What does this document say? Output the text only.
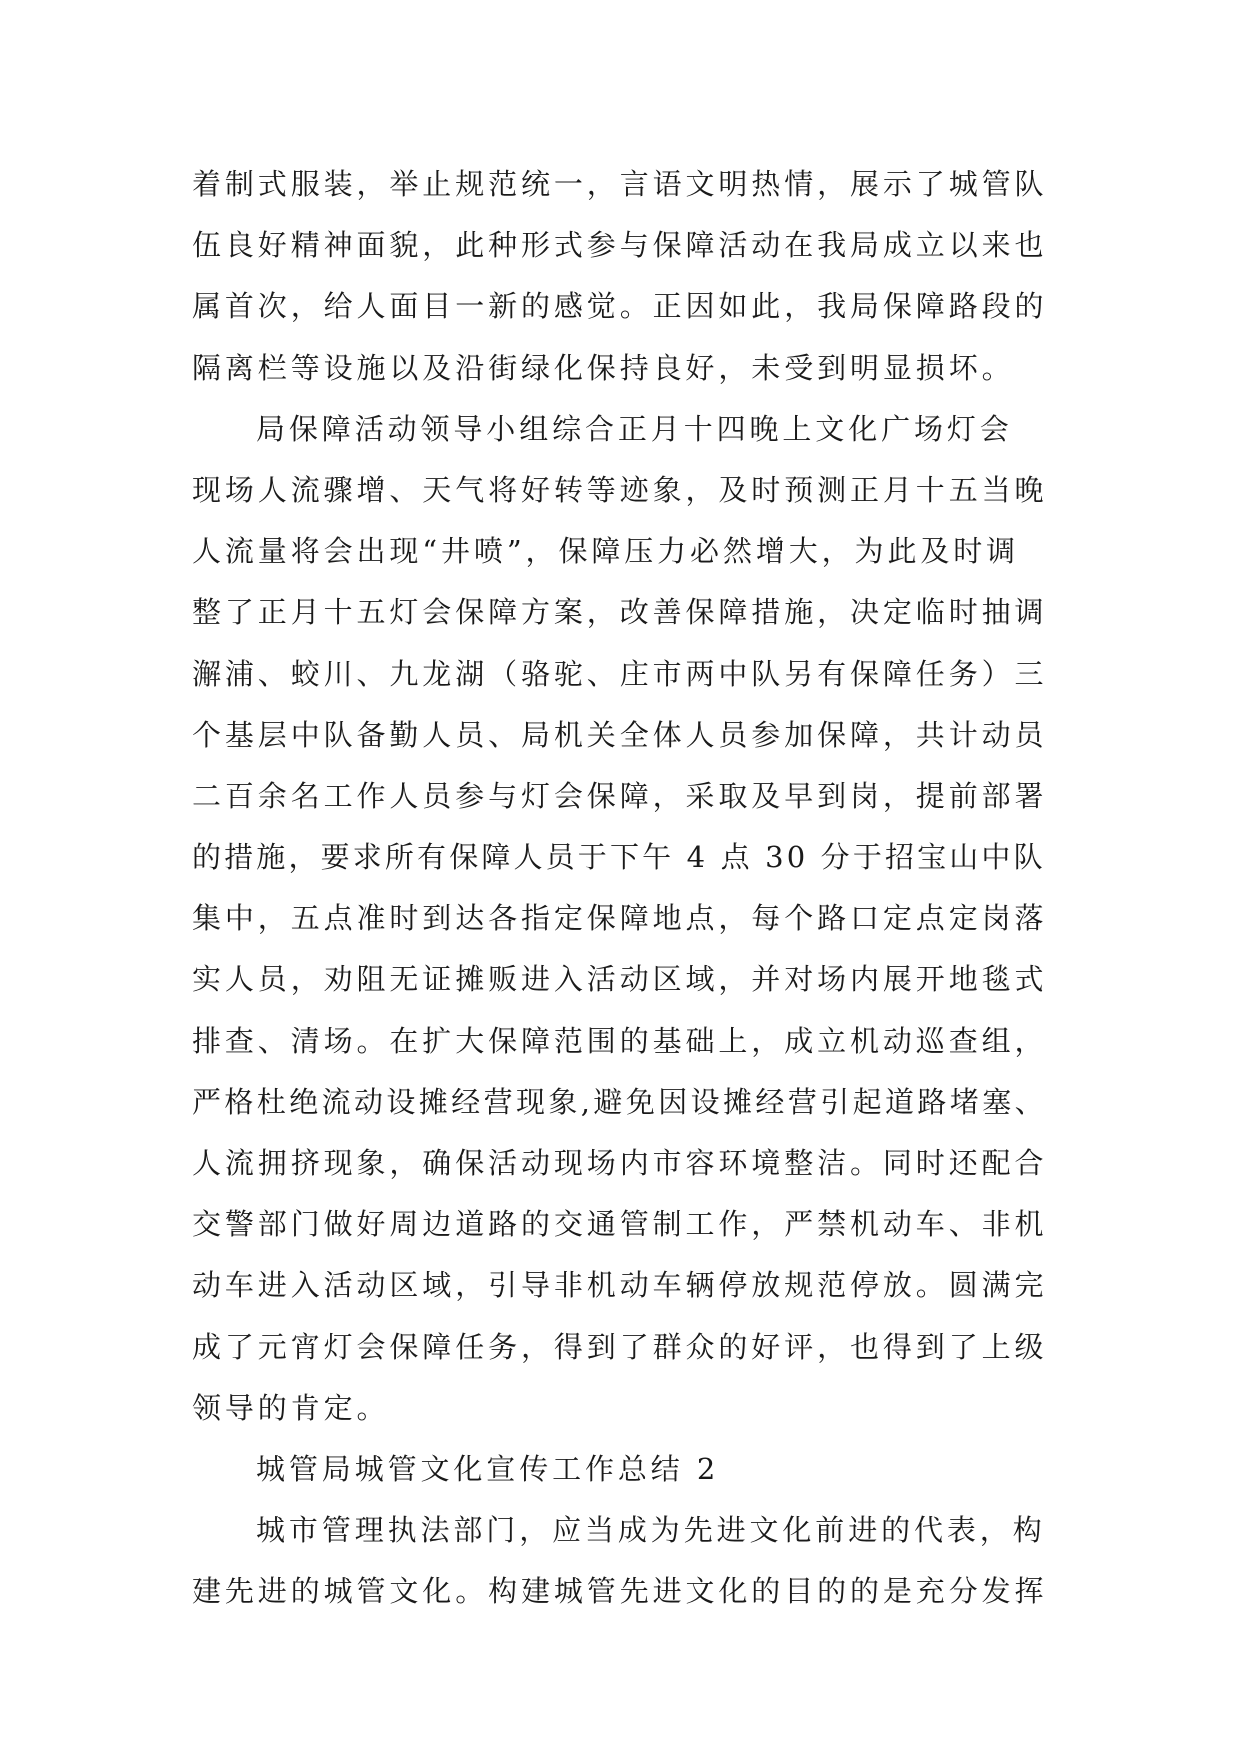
着制式服装，举止规范统一，言语文明热情，展示了城管队
伍良好精神面貌，此种形式参与保障活动在我局成立以来也
属首次，给人面目一新的感觉。正因如此，我局保障路段的
隔离栏等设施以及沿街绿化保持良好，未受到明显损坏。
局保障活动领导小组综合正月十四晚上文化广场灯会
现场人流骤增、天气将好转等迹象，及时预测正月十五当晚
人流量将会出现“井喷”，保障压力必然增大，为此及时调
整了正月十五灯会保障方案，改善保障措施，决定临时抽调
澥浦、蛟川、九龙湖（骆驼、庄市两中队另有保障任务）三
个基层中队备勤人员、局机关全体人员参加保障，共计动员
二百余名工作人员参与灯会保障，采取及早到岗，提前部署
的措施，要求所有保障人员于下午 4 点 30 分于招宝山中队
集中，五点准时到达各指定保障地点，每个路口定点定岗落
实人员，劝阻无证摊贩进入活动区域，并对场内展开地毯式
排查、清场。在扩大保障范围的基础上，成立机动巡查组，
严格杜绝流动设摊经营现象,避免因设摊经营引起道路堵塞、
人流拥挤现象，确保活动现场内市容环境整洁。同时还配合
交警部门做好周边道路的交通管制工作，严禁机动车、非机
动车进入活动区域，引导非机动车辆停放规范停放。圆满完
成了元宵灯会保障任务，得到了群众的好评，也得到了上级
领导的肯定。
城管局城管文化宣传工作总结 2
城市管理执法部门，应当成为先进文化前进的代表，构
建先进的城管文化。构建城管先进文化的目的的是充分发挥
